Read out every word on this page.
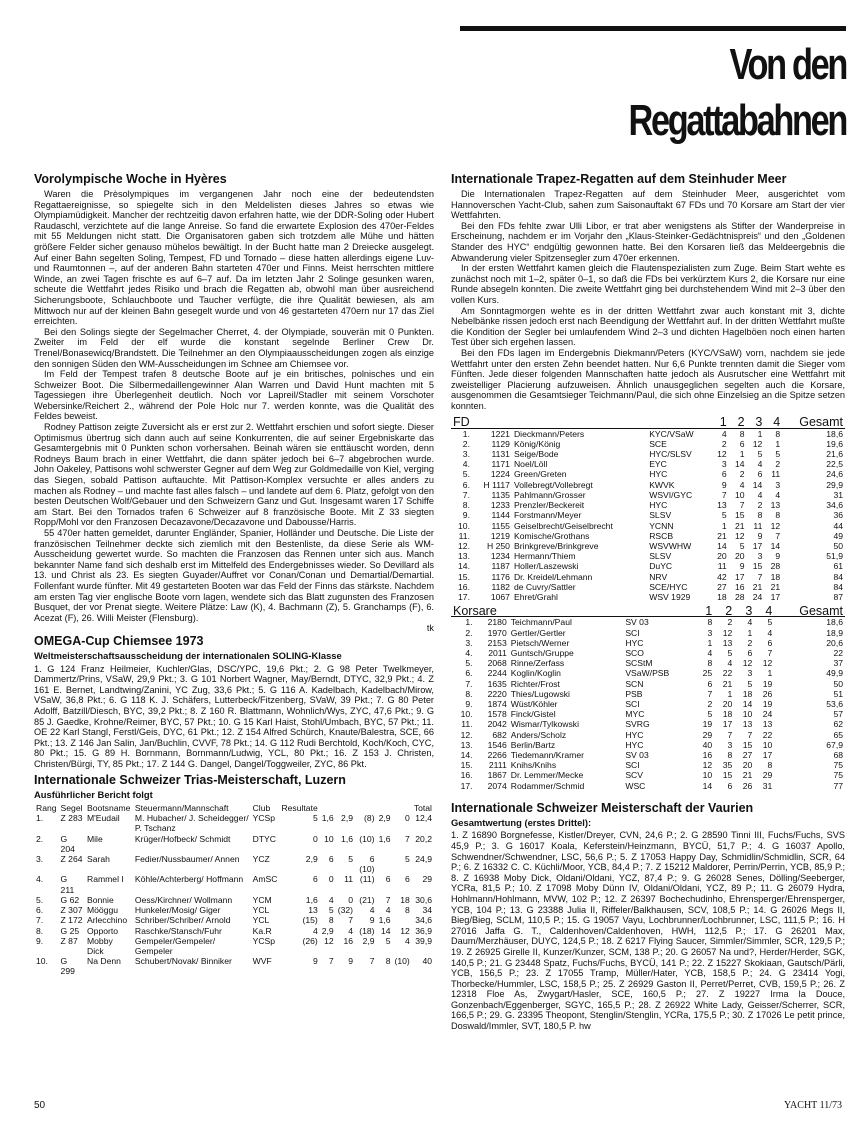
Von den Regattabahnen
Vorolympische Woche in Hyères

Waren die Prèsolympiques im vergangenen Jahr noch eine der bedeutendsten Regattaereignisse, so spiegelte sich in den Meldelisten dieses Jahres so etwas wie Olympiamüdigkeit. Mancher der rechtzeitig davon erfahren hatte, wie der DDR-Soling oder Hubert Raudaschl, verzichtete auf die lange Anreise. So fand die erwartete Explosion des 470er-Feldes mit 55 Meldungen nicht statt. Die Organisatoren gaben sich trotzdem alle Mühe und hätten größere Felder sicher genauso mühelos bewältigt. In der Bucht hatte man 2 Dreiecke ausgelegt. Auf einer Bahn segelten Soling, Tempest, FD und Tornado – diese hatten allerdings eigene Luv- und Raumtonnen –, auf der anderen Bahn starteten 470er und Finns. Meist herrschten mittlere Winde, an zwei Tagen frischte es auf 6–7 auf. Da im letzten Jahr 2 Solinge gesunken waren, scheute die Wettfahrt jedes Risiko und brach die Regatten ab, obwohl man über ausreichend Sicherungsboote, Schlauchboote und Taucher verfügte, die ihre Qualität bewiesen, als am Mittwoch nur auf der kleinen Bahn gesegelt wurde und von 46 gestarteten 470ern nur 17 das Ziel erreichten.

Bei den Solings siegte der Segelmacher Cherret, 4. der Olympiade, souverän mit 0 Punkten. Zweiter im Feld der elf wurde die konstant segelnde Berliner Crew Dr. Trenel/Bonasewicq/Brandstett. Die Teilnehmer an den Olympiaausscheidungen zogen als einzige den sonnigen Süden den WM-Ausscheidungen im Schnee am Chiemsee vor.

Im Feld der Tempest trafen 8 deutsche Boote auf je ein britisches, polnisches und ein Schweizer Boot. Die Silbermedaillengewinner Alan Warren und David Hunt machten mit 5 Tagessiegen ihre Überlegenheit deutlich. Noch vor Lapreil/Stadler mit seinem Vorschoter Webersinke/Reichert 2., während der Pole Holc nur 7. werden konnte, was die Qualität des Feldes beweist.

Rodney Pattison zeigte Zuversicht als er erst zur 2. Wettfahrt erschien und sofort siegte. Dieser Optimismus übertrug sich dann auch auf seine Konkurrenten, die auf seiner Ergebniskarte das Gesamtergebnis mit 0 Punkten schon vorhersahen. Beinah wären sie enttäuscht worden, denn Rodneys Baum brach in einer Wettfahrt, die dann später jedoch bei 6–7 abgebrochen wurde. John Oakeley, Pattisons wohl schwerster Gegner auf dem Weg zur Goldmedaille von Kiel, verging das Siegen, sobald Pattison auftauchte. Mit Pattison-Komplex versuchte er alles anders zu machen als Rodney – und machte fast alles falsch – und landete auf dem 6. Platz, gefolgt von den besten Deutschen Wolf/Gebauer und den Schweizern Ganz und Gut. Insgesamt waren 17 Schiffe am Start. Bei den Tornados trafen 6 Schweizer auf 8 französische Boote. Mit Z 33 siegten Ropp/Mohl vor den Franzosen Decazavone/Decazavone und Dabousse/Harris.

55 470er hatten gemeldet, darunter Engländer, Spanier, Holländer und Deutsche. Die Liste der französischen Teilnehmer deckte sich ziemlich mit den Bestenliste, da diese Serie als WM-Ausscheidung gewertet wurde. So machten die Franzosen das Rennen unter sich aus. Manch bekannter Name fand sich deshalb erst im Mittelfeld des Endergebnisses wieder. So Devillard als 13. und Christ als 23. Es siegten Guyader/Auffret vor Conan/Conan und Demartial/Demartial. Follenfant wurde fünfter. Mit 49 gestarteten Booten war das Feld der Finns das stärkste. Nachdem am ersten Tag vier englische Boote vorn lagen, wendete sich das Blatt zugunsten des Franzosen Busquet, der vor Prenat siegte. Weitere Plätze: Law (K), 4. Bachmann (Z), 5. Granchamps (F), 6. Acezat (F), 26. Willi Meister (Flensburg).

tk
OMEGA-Cup Chiemsee 1973
Weltmeisterschaftsausscheidung der internationalen SOLING-Klasse

1. G 124 Franz Heilmeier, Kuchler/Glas, DSC/YPC, 19,6 Pkt.; 2. G 98 Peter Twelkmeyer, Dammertz/Prins, VSaW, 29,9 Pkt.; 3. G 101 Norbert Wagner, May/Berndt, DTYC, 32,9 Pkt.; 4. Z 161 E. Bernet, Landtwing/Zanini, YC Zug, 33,6 Pkt.; 5. G 116 A. Kadelbach, Kadelbach/Mirow, VSaW, 36,8 Pkt.; 6. G 118 K. J. Schäfers, Lutterbeck/Fitzenberg, SVaW, 39 Pkt.; 7. G 80 Peter Adolff, Batzill/Diesch, BYC, 39,2 Pkt.; 8. Z 160 R. Blattmann, Wohnlich/Wys, ZYC, 47,6 Pkt.; 9. G 85 J. Gaedke, Krohne/Reimer, BYC, 57 Pkt.; 10. G 15 Karl Haist, Stohl/Umbach, BYC, 57 Pkt.; 11. OE 22 Karl Stangl, Ferstl/Geis, DYC, 61 Pkt.; 12. Z 154 Alfred Schürch, Knaute/Balestra, SCE, 66 Pkt.; 13. Z 146 Jan Salin, Jan/Buchlin, CVVF, 78 Pkt.; 14. G 112 Rudi Berchtold, Koch/Koch, CYC, 80 Pkt.; 15. G 89 H. Bornmann, Bornmann/Ludwig, YCL, 80 Pkt.; 16. Z 153 J. Christen, Christen/Bürgi, TY, 85 Pkt.; 17. Z 144 G. Dangel, Dangel/Toggweiler, ZYC, 86 Pkt.

Internationale Schweizer Trias-Meisterschaft, Luzern
Ausführlicher Bericht folgt
Rang	Segel	Bootsname	Steuermann/Mannschaft	Club	Resultate						Total
1.	Z 283	M'Eudail	M. Hubacher/ J. Scheidegger/ P. Tschanz	YCSp	5	1,6	2,9	(8)	2,9	0	12,4
2.	G 204	Mile	Krüger/Hofbeck/ Schmidt	DTYC	0	10	1,6	(10)	1,6	7	20,2
3.	Z 264	Sarah	Fedier/Nussbaumer/ Annen	YCZ	2,9	6	5	6 (10)		5	24,9
4.	G 211	Rammel I	Köhle/Achterberg/ Hoffmann	AmSC	6	0	11	(11)	6	6	29
5.	G 62	Bonnie	Oess/Kirchner/ Wollmann	YCM	1,6	4	0	(21)	7	18	30,6
6.	Z 307	Mööggu	Hunkeler/Mosig/ Giger	YCL	13	5	(32)	4	4	8	34
7.	Z 172	Arlecchino	Schriber/Schriber/ Arnold	YCL	(15)	8	7	9	1,6		34,6
8.	G 25	Opporto	Raschke/Stansch/Fuhr	Ka.R	4	2,9	4	(18)	14	12	36,9
9.	Z 87	Mobby Dick	Gempeler/Gempeler/ Gempeler	YCSp	(26)	12	16	2,9	5	4	39,9
10.	G 299	Na Denn	Schubert/Novak/ Binniker	WVF	9	7	9	7	8	(10)	40
Internationale Trapez-Regatten auf dem Steinhuder Meer

Die Internationalen Trapez-Regatten auf dem Steinhuder Meer, ausgerichtet vom Hannoverschen Yacht-Club, sahen zum Saisonauftakt 67 FDs und 70 Korsare am Start der vier Wettfahrten.

Bei den FDs fehlte zwar Ulli Libor, er trat aber wenigstens als Stifter der Wanderpreise in Erscheinung, nachdem er im Vorjahr den „Klaus-Steinker-Gedächtnispreis“ und den „Goldenen Stander des HYC“ endgültig gewonnen hatte. Bei den Korsaren ließ das Meldeergebnis die Abwanderung vieler Spitzensegler zum 470er erkennen.

In der ersten Wettfahrt kamen gleich die Flautenspezialisten zum Zuge. Beim Start wehte es zunächst noch mit 1–2, später 0–1, so daß die FDs bei verkürztem Kurs 2, die Korsare nur eine Runde absegeln konnten. Die zweite Wettfahrt ging bei durchstehendem Wind mit 2–3 über den vollen Kurs.

Am Sonntagmorgen wehte es in der dritten Wettfahrt zwar auch konstant mit 3, dichte Nebelbänke rissen jedoch erst nach Beendigung der Wettfahrt auf. In der dritten Wettfahrt mußte die Kondition der Segler bei umlaufendem Wind 2–3 und dichten Hagelböen noch einen harten Test über sich ergehen lassen.

Bei den FDs lagen im Endergebnis Diekmann/Peters (KYC/VSaW) vorn, nachdem sie jede Wettfahrt unter den ersten Zehn beendet hatten. Nur 6,6 Punkte trennten damit die Sieger vom Fünften. Jede dieser folgenden Mannschaften hatte jedoch als Ausrutscher eine Wettfahrt mit zweistelliger Placierung aufzuweisen. Ähnlich unausgeglichen segelten auch die Korsare, ausgenommen die Gesamtsieger Teichmann/Paul, die sich ohne Einzelsieg an die Spitze setzen konnten.

FD				1	2	3	4	Gesamt
1.	1221	Dieckmann/Peters	KYC/VSaW	4	8	1	8	18,6
2.	1129	König/König	SCE	2	6	12	1	19,6
3.	1131	Seige/Bode	HYC/SLSV	12	1	5	5	21,6
4.	1171	Noel/Löll	EYC	3	14	4	2	22,5
5.	1224	Green/Greten	HYC	6	2	6	11	24,6
6.	H 1117	Vollebregt/Vollebregt	KWVK	9	4	14	3	29,9
7.	1135	Pahlmann/Grosser	WSVI/GYC	7	10	4	4	31
8.	1233	Prenzler/Beckereit	HYC	13	7	2	13	34,6
9.	1144	Forstmann/Meyer	SLSV	5	15	8	8	36
10.	1155	Geiselbrecht/Geiselbrecht	YCNN	1	21	11	12	44
11.	1219	Komische/Grothans	RSCB	21	12	9	7	49
12.	H 250	Brinkgreve/Brinkgreve	WSVWHW	14	5	17	14	50
13.	1234	Hermann/Thiem	SLSV	20	20	3	9	51,9
14.	1187	Holler/Laszewski	DuYC	11	9	15	28	61
15.	1176	Dr. Kreidel/Lehmann	NRV	42	17	7	18	84
16.	1182	de Cuvry/Sattler	SCE/HYC	27	16	21	21	84
17.	1067	Ehret/Grahl	WSV 1929	18	28	24	17	87
Korsare				1	2	3	4	Gesamt
1.	2180	Teichmann/Paul	SV 03	8	2	4	5	18,6
2.	1970	Gertler/Gertler	SCI	3	12	1	4	18,9
3.	2153	Pietsch/Werner	HYC	1	13	2	6	20,6
4.	2011	Guntsch/Gruppe	SCO	4	5	6	7	22
5.	2068	Rinne/Zerfass	SCStM	8	4	12	12	37
6.	2244	Koglin/Koglin	VSaW/PSB	25	22	3	1	49,9
7.	1635	Richter/Frost	SCN	6	21	5	19	50
8.	2220	Thies/Lugowski	PSB	7	1	18	26	51
9.	1874	Wüst/Köhler	SCI	2	20	14	19	53,6
10.	1578	Finck/Gistel	MYC	5	18	10	24	57
11.	2042	Wismar/Tylkowski	SVRG	19	17	13	13	62
12.	682	Anders/Scholz	HYC	29	7	7	22	65
13.	1546	Berlin/Bartz	HYC	40	3	15	10	67,9
14.	2266	Tiedemann/Kramer	SV 03	16	8	27	17	68
15.	2111	Knihs/Knihs	SCI	12	35	20	8	75
16.	1867	Dr. Lemmer/Mecke	SCV	10	15	21	29	75
17.	2074	Rodammer/Schmid	WSC	14	6	26	31	77
Internationale Schweizer Meisterschaft der Vaurien
Gesamtwertung (erstes Drittel):

1. Z 16890 Borgnefesse, Kistler/Dreyer, CVN, 24,6 P.; 2. G 28590 Tinni III, Fuchs/Fuchs, SVS 45,9 P.; 3. G 16017 Koala, Keferstein/Heinzmann, BYCÜ, 51,7 P.; 4. G 16037 Apollo, Schwendner/Schwendner, LSC, 56,6 P.; 5. Z 17053 Happy Day, Schmidlin/Schmidlin, SCR, 64 P.; 6. Z 16332 C. C. Küchli/Moor, YCB, 84,4 P.; 7. Z 15212 Maldorer, Perrin/Perrin, YCB, 85,9 P.; 8. Z 16938 Moby Dick, Oldani/Oldani, YCZ, 87,4 P.; 9. G 26028 Senes, Dölling/Seeberger, YCRa, 81,5 P.; 10. Z 17098 Moby Dünn IV, Oldani/Oldani, YCZ, 89 P.; 11. G 26079 Hydra, Hohlmann/Hohlmann, MVW, 102 P.; 12. Z 26397 Bochechudinho, Ehrensperger/Ehrensperger, YCB, 104 P.; 13. G 23388 Julia II, Riffeler/Balkhausen, SCV, 108,5 P.; 14. G 26026 Megs II, Bieg/Bieg, SCLM, 110,5 P.; 15. G 19057 Vayu, Lochbrunner/Lochbrunner, LSC, 111,5 P.; 16. H 27016 Jaffa G. T., Caldenhoven/Caldenhoven, HWH, 112,5 P.; 17. G 26201 Max, Daum/Merzhäuser, DUYC, 124,5 P.; 18. Z 6217 Flying Saucer, Simmler/Simmler, SCR, 129,5 P.; 19. Z 26925 Girelle II, Kunzer/Kunzer, SCM, 138 P.; 20. G 26057 Na und?, Herder/Herder, SGK, 140,5 P.; 21. G 23448 Spatz, Fuchs/Fuchs, BYCÜ, 141 P.; 22. Z 15227 Skokiaan, Gautsch/Pärli, YCB, 156,5 P.; 23. Z 17055 Tramp, Müller/Hater, YCB, 158,5 P.; 24. G 23414 Yogi, Thorbecke/Hummler, LSC, 158,5 P.; 25. Z 26929 Gaston II, Perret/Perret, CVB, 159,5 P.; 26. Z 12318 Floe As, Zwygart/Hasler, SCE, 160,5 P.; 27. Z 19227 Irma la Douce, Gonzenbach/Eggenberger, SGYC, 165,5 P.; 28. Z 26922 White Lady, Geisser/Scherrer, SCR, 166,5 P.; 29. G. 23395 Theopont, Stenglin/Stenglin, YCRa, 175,5 P.; 30. Z 17026 Le petit prince, Doswald/Immler, SVT, 180,5 P. hw

50	YACHT 11/73
